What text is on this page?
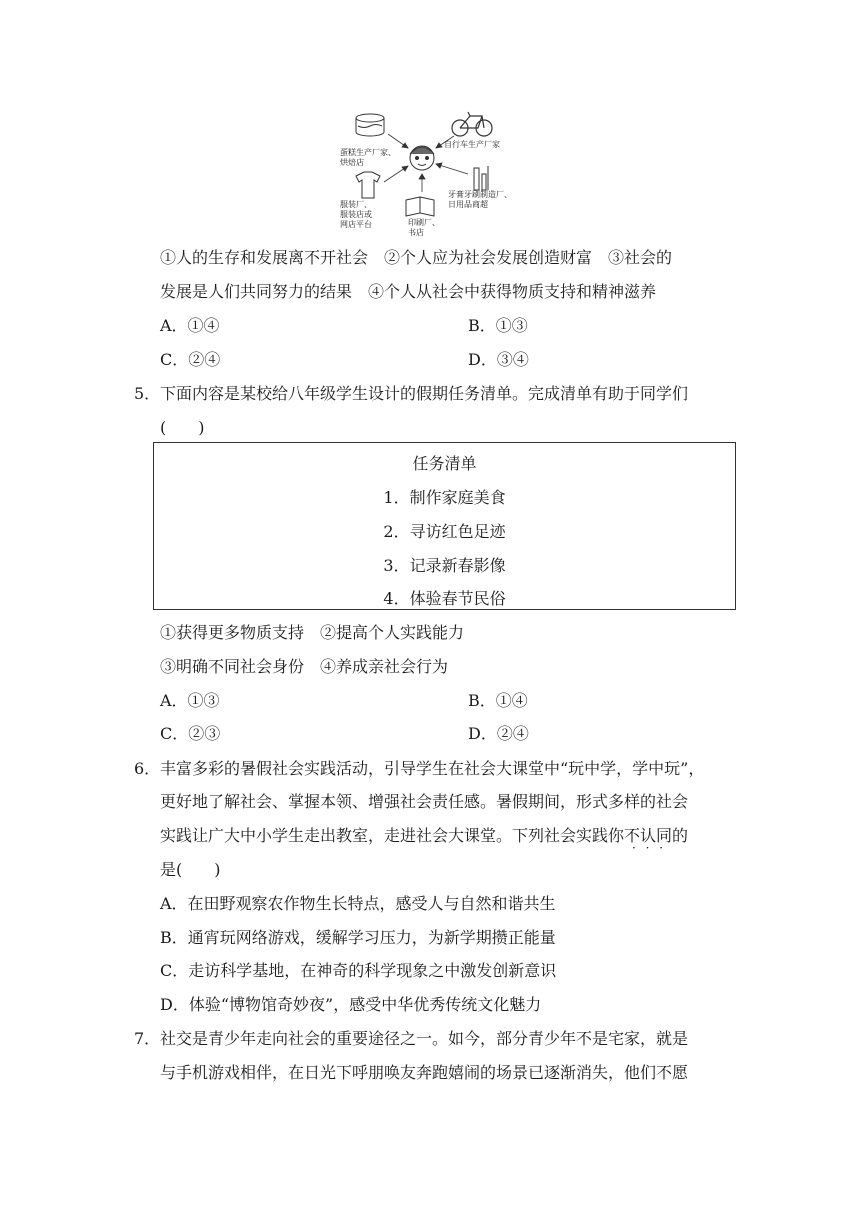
蛋糕生产厂家、
烘焙店
自行车生产厂家
服装厂、
服装店或
网店平台	印刷厂、
书店
牙膏牙刷制造厂、
日用品商超
①人的生存和发展离不开社会　②个人应为社会发展创造财富　③社会的
发展是人们共同努力的结果　④个人从社会中获得物质支持和精神滋养
A．①④	B．①③
C．②④	D．③④
5． 下面内容是某校给八年级学生设计的假期任务清单。完成清单有助于同学们
(　　)
任务清单
1．制作家庭美食
2．寻访红色足迹
3．记录新春影像
4．体验春节民俗
①获得更多物质支持　②提高个人实践能力
③明确不同社会身份　④养成亲社会行为
A．①③	B．①④
C．②③	D．②④
6． 丰富多彩的暑假社会实践活动，引导学生在社会大课堂中“玩中学，学中玩”，
更好地了解社会、掌握本领、增强社会责任感。暑假期间，形式多样的社会
实践让广大中小学生走出教室，走进社会大课堂。下列社会实践你不认同 · · ·的
是(　　)
A．在田野观察农作物生长特点，感受人与自然和谐共生
B．通宵玩网络游戏，缓解学习压力，为新学期攒正能量
C．走访科学基地，在神奇的科学现象之中激发创新意识
D．体验“博物馆奇妙夜”，感受中华优秀传统文化魅力
7． 社交是青少年走向社会的重要途径之一。如今，部分青少年不是宅家，就是
与手机游戏相伴，在日光下呼朋唤友奔跑嬉闹的场景已逐渐消失，他们不愿
